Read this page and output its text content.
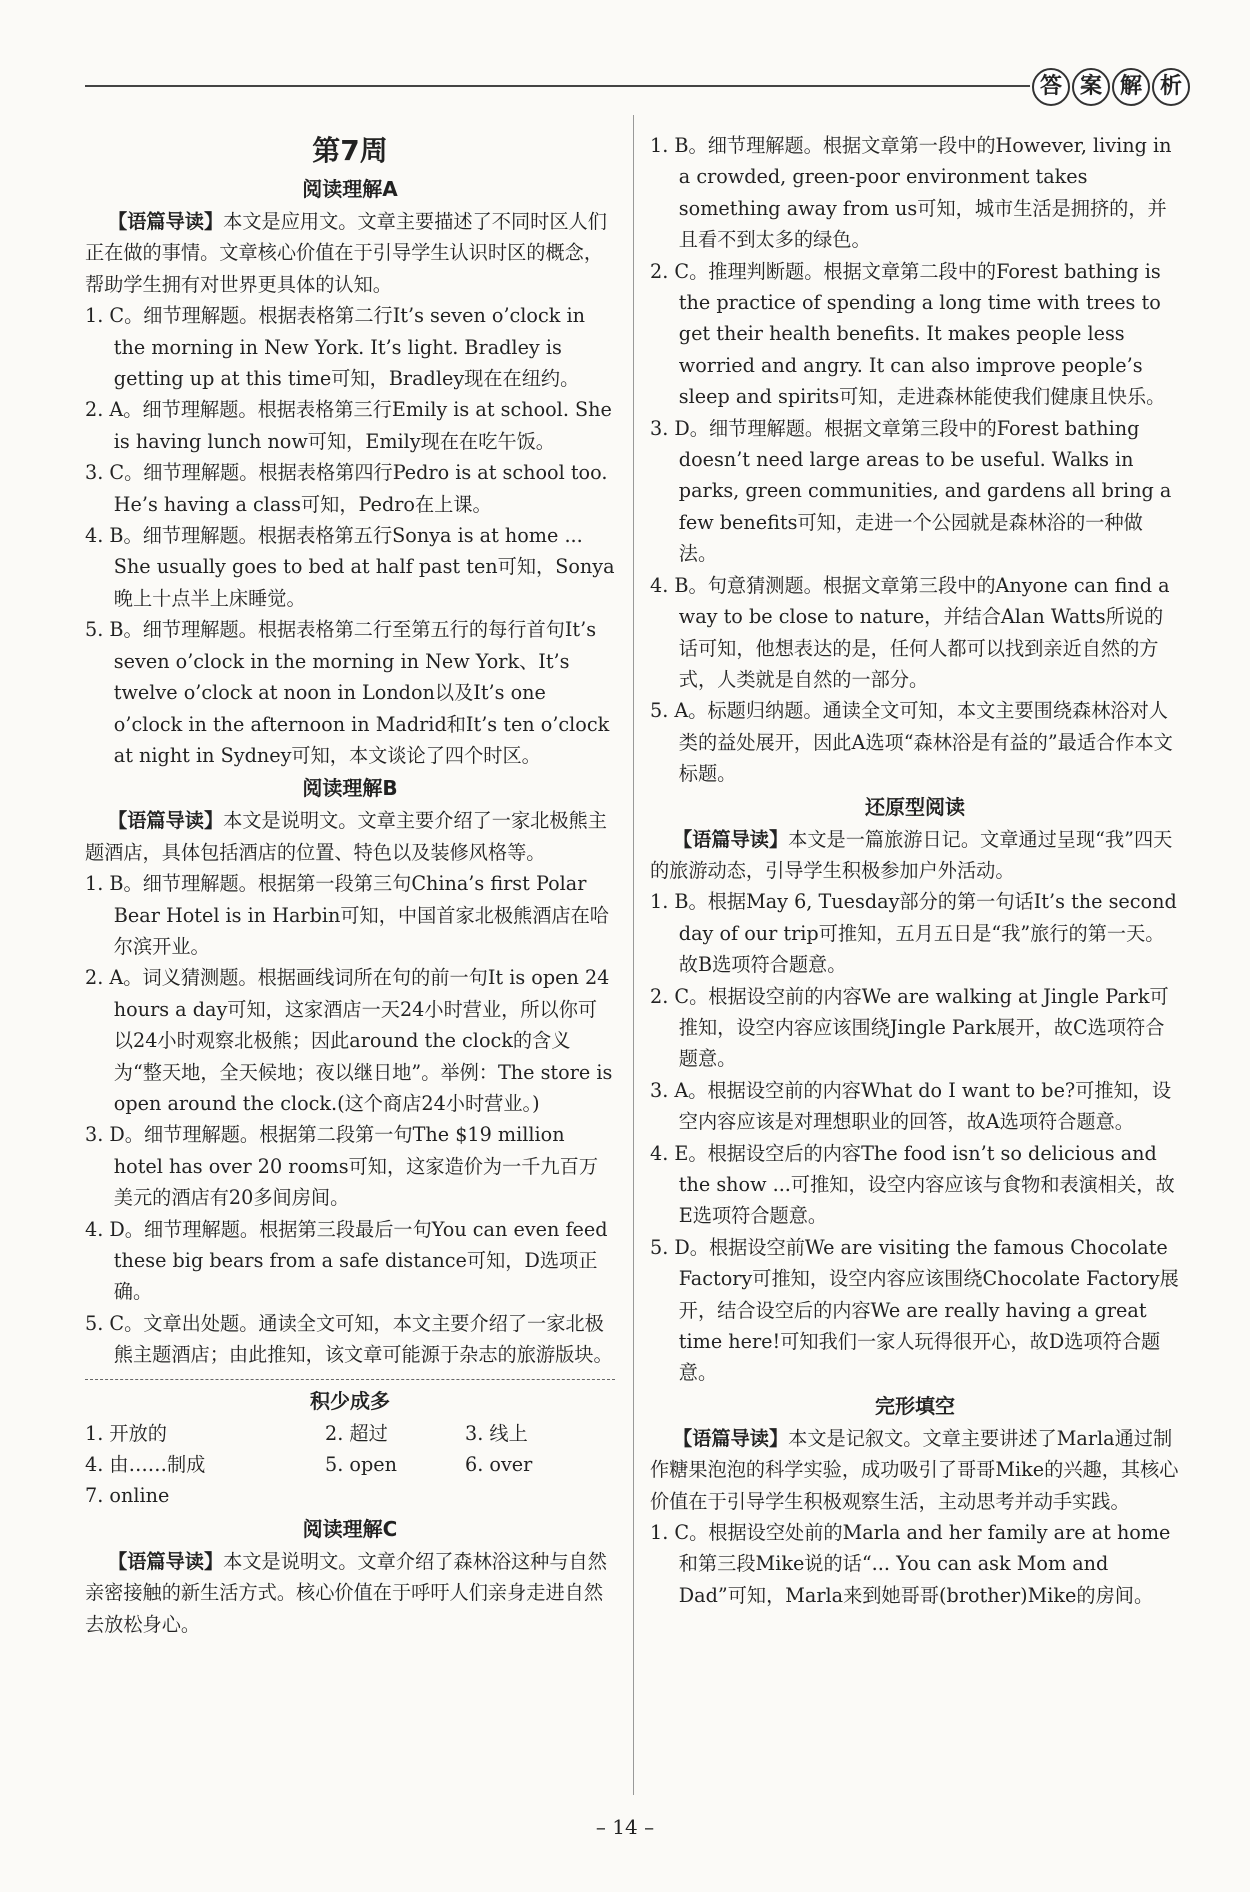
答 案 解 析
第7周
阅读理解A

【语篇导读】本文是应用文。文章主要描述了不同时区人们正在做的事情。文章核心价值在于引导学生认识时区的概念，帮助学生拥有对世界更具体的认知。

1. C。细节理解题。根据表格第二行It’s seven o’clock in the morning in New York. It’s light. Bradley is getting up at this time可知，Bradley现在在纽约。

2. A。细节理解题。根据表格第三行Emily is at school. She is having lunch now可知，Emily现在在吃午饭。

3. C。细节理解题。根据表格第四行Pedro is at school too. He’s having a class可知，Pedro在上课。

4. B。细节理解题。根据表格第五行Sonya is at home ... She usually goes to bed at half past ten可知，Sonya晚上十点半上床睡觉。

5. B。细节理解题。根据表格第二行至第五行的每行首句It’s seven o’clock in the morning in New York、It’s twelve o’clock at noon in London以及It’s one o’clock in the afternoon in Madrid和It’s ten o’clock at night in Sydney可知，本文谈论了四个时区。

阅读理解B

【语篇导读】本文是说明文。文章主要介绍了一家北极熊主题酒店，具体包括酒店的位置、特色以及装修风格等。

1. B。细节理解题。根据第一段第三句China’s first Polar Bear Hotel is in Harbin可知，中国首家北极熊酒店在哈尔滨开业。

2. A。词义猜测题。根据画线词所在句的前一句It is open 24 hours a day可知，这家酒店一天24小时营业，所以你可以24小时观察北极熊；因此around the clock的含义为“整天地，全天候地；夜以继日地”。举例：The store is open around the clock.(这个商店24小时营业。)

3. D。细节理解题。根据第二段第一句The $19 million hotel has over 20 rooms可知，这家造价为一千九百万美元的酒店有20多间房间。

4. D。细节理解题。根据第三段最后一句You can even feed these big bears from a safe distance可知，D选项正确。

5. C。文章出处题。通读全文可知，本文主要介绍了一家北极熊主题酒店；由此推知，该文章可能源于杂志的旅游版块。

积少成多
1. 开放的	2. 超过	3. 线上
4. 由……制成	5. open	6. over
7. online
阅读理解C

【语篇导读】本文是说明文。文章介绍了森林浴这种与自然亲密接触的新生活方式。核心价值在于呼吁人们亲身走进自然去放松身心。

1. B。细节理解题。根据文章第一段中的However, living in a crowded, green-poor environment takes something away from us可知，城市生活是拥挤的，并且看不到太多的绿色。

2. C。推理判断题。根据文章第二段中的Forest bathing is the practice of spending a long time with trees to get their health benefits. It makes people less worried and angry. It can also improve people’s sleep and spirits可知，走进森林能使我们健康且快乐。

3. D。细节理解题。根据文章第三段中的Forest bathing doesn’t need large areas to be useful. Walks in parks, green communities, and gardens all bring a few benefits可知，走进一个公园就是森林浴的一种做法。

4. B。句意猜测题。根据文章第三段中的Anyone can find a way to be close to nature，并结合Alan Watts所说的话可知，他想表达的是，任何人都可以找到亲近自然的方式，人类就是自然的一部分。

5. A。标题归纳题。通读全文可知，本文主要围绕森林浴对人类的益处展开，因此A选项“森林浴是有益的”最适合作本文标题。

还原型阅读

【语篇导读】本文是一篇旅游日记。文章通过呈现“我”四天的旅游动态，引导学生积极参加户外活动。

1. B。根据May 6, Tuesday部分的第一句话It’s the second day of our trip可推知，五月五日是“我”旅行的第一天。故B选项符合题意。

2. C。根据设空前的内容We are walking at Jingle Park可推知，设空内容应该围绕Jingle Park展开，故C选项符合题意。

3. A。根据设空前的内容What do I want to be?可推知，设空内容应该是对理想职业的回答，故A选项符合题意。

4. E。根据设空后的内容The food isn’t so delicious and the show ...可推知，设空内容应该与食物和表演相关，故E选项符合题意。

5. D。根据设空前We are visiting the famous Chocolate Factory可推知，设空内容应该围绕Chocolate Factory展开，结合设空后的内容We are really having a great time here!可知我们一家人玩得很开心，故D选项符合题意。

完形填空

【语篇导读】本文是记叙文。文章主要讲述了Marla通过制作糖果泡泡的科学实验，成功吸引了哥哥Mike的兴趣，其核心价值在于引导学生积极观察生活，主动思考并动手实践。

1. C。根据设空处前的Marla and her family are at home和第三段Mike说的话“... You can ask Mom and Dad”可知，Marla来到她哥哥(brother)Mike的房间。

– 14 –
